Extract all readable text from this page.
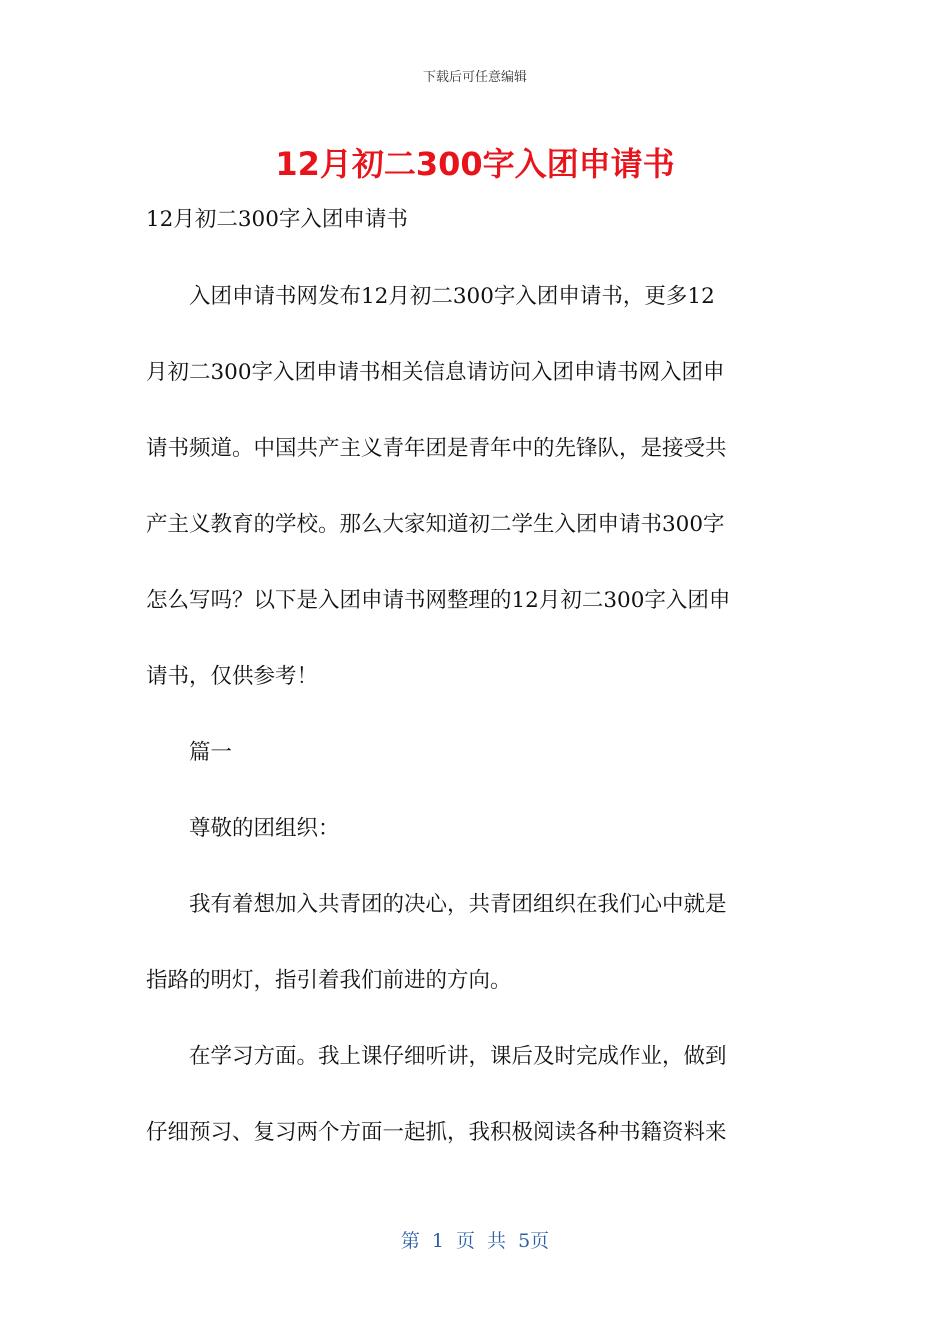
下载后可任意编辑
12月初二300字入团申请书
12月初二300字入团申请书
　　入团申请书网发布12月初二300字入团申请书，更多12
月初二300字入团申请书相关信息请访问入团申请书网入团申
请书频道。中国共产主义青年团是青年中的先锋队，是接受共
产主义教育的学校。那么大家知道初二学生入团申请书300字
怎么写吗？以下是入团申请书网整理的12月初二300字入团申
请书，仅供参考！
　　篇一
　　尊敬的团组织：
　　我有着想加入共青团的决心，共青团组织在我们心中就是
指路的明灯，指引着我们前进的方向。
　　在学习方面。我上课仔细听讲，课后及时完成作业，做到
仔细预习、复习两个方面一起抓，我积极阅读各种书籍资料来
第 1 页 共 5页
